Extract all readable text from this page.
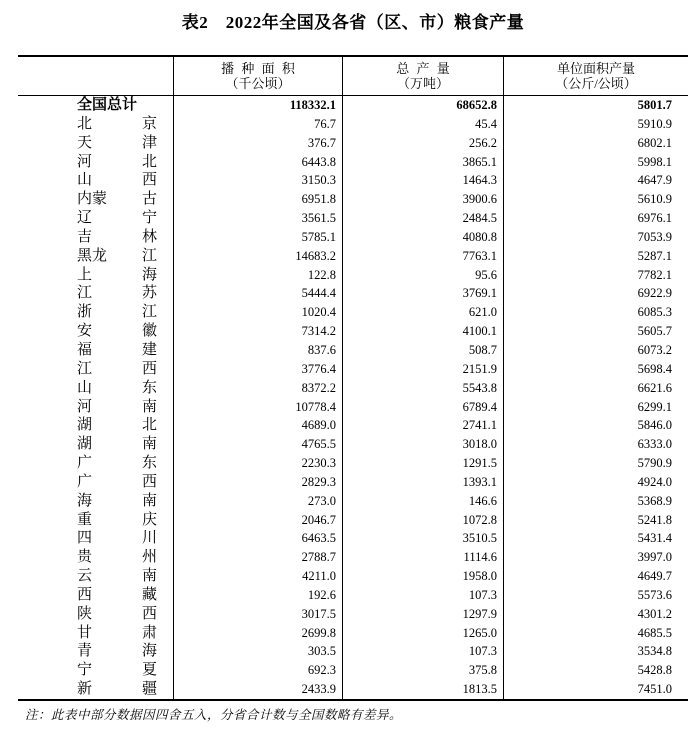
表2　2022年全国及各省（区、市）粮食产量
播 种 面 积
（千公顷）
总 产 量
（万吨）
单位面积产量
（公斤/公顷）
全国总计	118332.1	68652.8	5801.7
北	京	76.7	45.4	5910.9
天	津	376.7	256.2	6802.1
河	北	6443.8	3865.1	5998.1
山	西	3150.3	1464.3	4647.9
内蒙 古	6951.8	3900.6	5610.9
辽	宁	3561.5	2484.5	6976.1
吉	林	5785.1	4080.8	7053.9
黑龙 江	14683.2	7763.1	5287.1
上	海	122.8	95.6	7782.1
江	苏	5444.4	3769.1	6922.9
浙	江	1020.4	621.0	6085.3
安	徽	7314.2	4100.1	5605.7
福	建	837.6	508.7	6073.2
江	西	3776.4	2151.9	5698.4
山	东	8372.2	5543.8	6621.6
河	南	10778.4	6789.4	6299.1
湖	北	4689.0	2741.1	5846.0
湖	南	4765.5	3018.0	6333.0
广	东	2230.3	1291.5	5790.9
广	西	2829.3	1393.1	4924.0
海	南	273.0	146.6	5368.9
重	庆	2046.7	1072.8	5241.8
四	川	6463.5	3510.5	5431.4
贵	州	2788.7	1114.6	3997.0
云	南	4211.0	1958.0	4649.7
西	藏	192.6	107.3	5573.6
陕	西	3017.5	1297.9	4301.2
甘	肃	2699.8	1265.0	4685.5
青	海	303.5	107.3	3534.8
宁	夏	692.3	375.8	5428.8
新	疆	2433.9	1813.5	7451.0
注：此表中部分数据因四舍五入，分省合计数与全国数略有差异。
